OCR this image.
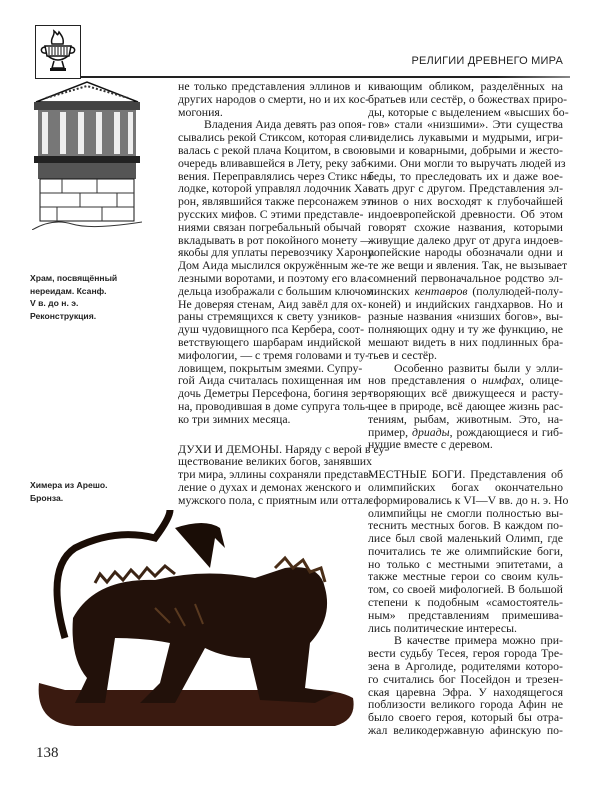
РЕЛИГИИ ДРЕВНЕГО МИРА
Храм, посвящённый
нереидам. Ксанф.
V в. до н. э.
Реконструкция.
Химера из Арешо.
Бронза.
не только представления эллинов и
других народов о смерти, но и их кос-
могония.
Владения Аида девять раз опоя-
сывались рекой Стиксом, которая сли-
валась с рекой плача Коцитом, в свою
очередь вливавшейся в Лету, реку заб-
вения. Переправлялись через Стикс на
лодке, которой управлял лодочник Ха-
рон, являвшийся также персонажем эт-
русских мифов. С этими представле-
ниями связан погребальный обычай
вкладывать в рот покойного монету —
якобы для уплаты перевозчику Харону.
Дом Аида мыслился окружённым же-
лезными воротами, и поэтому его вла-
дельца изображали с большим ключом.
Не доверяя стенам, Аид завёл для ох-
раны стремящихся к свету узников-
душ чудовищного пса Кербера, соот-
ветствующего шарбарам индийской
мифологии, — с тремя головами и ту-
ловищем, покрытым змеями. Супру-
гой Аида считалась похищенная им
дочь Деметры Персефона, богиня зер-
на, проводившая в доме супруга толь-
ко три зимних месяца.
ДУХИ И ДЕМОНЫ. Наряду с верой в су-
ществование великих богов, занявших
три мира, эллины сохраняли представ-
ление о духах и демонах женского и
мужского пола, с приятным или оттал-
кивающим обликом, разделённых на
братьев или сестёр, о божествах приро-
ды, которые с выделением «высших бо-
гов» стали «низшими». Эти существа
виделись лукавыми и мудрыми, игри-
выми и коварными, добрыми и жесто-
кими. Они могли то выручать людей из
беды, то преследовать их и даже вое-
вать друг с другом. Представления эл-
линов о них восходят к глубочайшей
индоевропейской древности. Об этом
говорят схожие названия, которыми
живущие далеко друг от друга индоев-
ропейские народы обозначали одни и
те же вещи и явления. Так, не вызывает
сомнений первоначальное родство эл-
линских кентавров (полулюдей-полу-
коней) и индийских гандхарвов. Но и
разные названия «низших богов», вы-
полняющих одну и ту же функцию, не
мешают видеть в них подлинных бра-
тьев и сестёр.
Особенно развиты были у элли-
нов представления о нимфах, олице-
творяющих всё движущееся и расту-
щее в природе, всё дающее жизнь рас-
тениям, рыбам, животным. Это, на-
пример, дриады, рождающиеся и гиб-
нущие вместе с деревом.
МЕСТНЫЕ БОГИ. Представления об
олимпийских богах окончательно
сформировались к VI—V вв. до н. э. Но
олимпийцы не смогли полностью вы-
теснить местных богов. В каждом по-
лисе был свой маленький Олимп, где
почитались те же олимпийские боги,
но только с местными эпитетами, а
также местные герои со своим куль-
том, со своей мифологией. В большой
степени к подобным «самостоятель-
ным» представлениям примешива-
лись политические интересы.
В качестве примера можно при-
вести судьбу Тесея, героя города Тре-
зена в Арголиде, родителями которо-
го считались бог Посейдон и трезен-
ская царевна Эфра. У находящегося
поблизости великого города Афин не
было своего героя, который бы отра-
жал великодержавную афинскую по-
138
